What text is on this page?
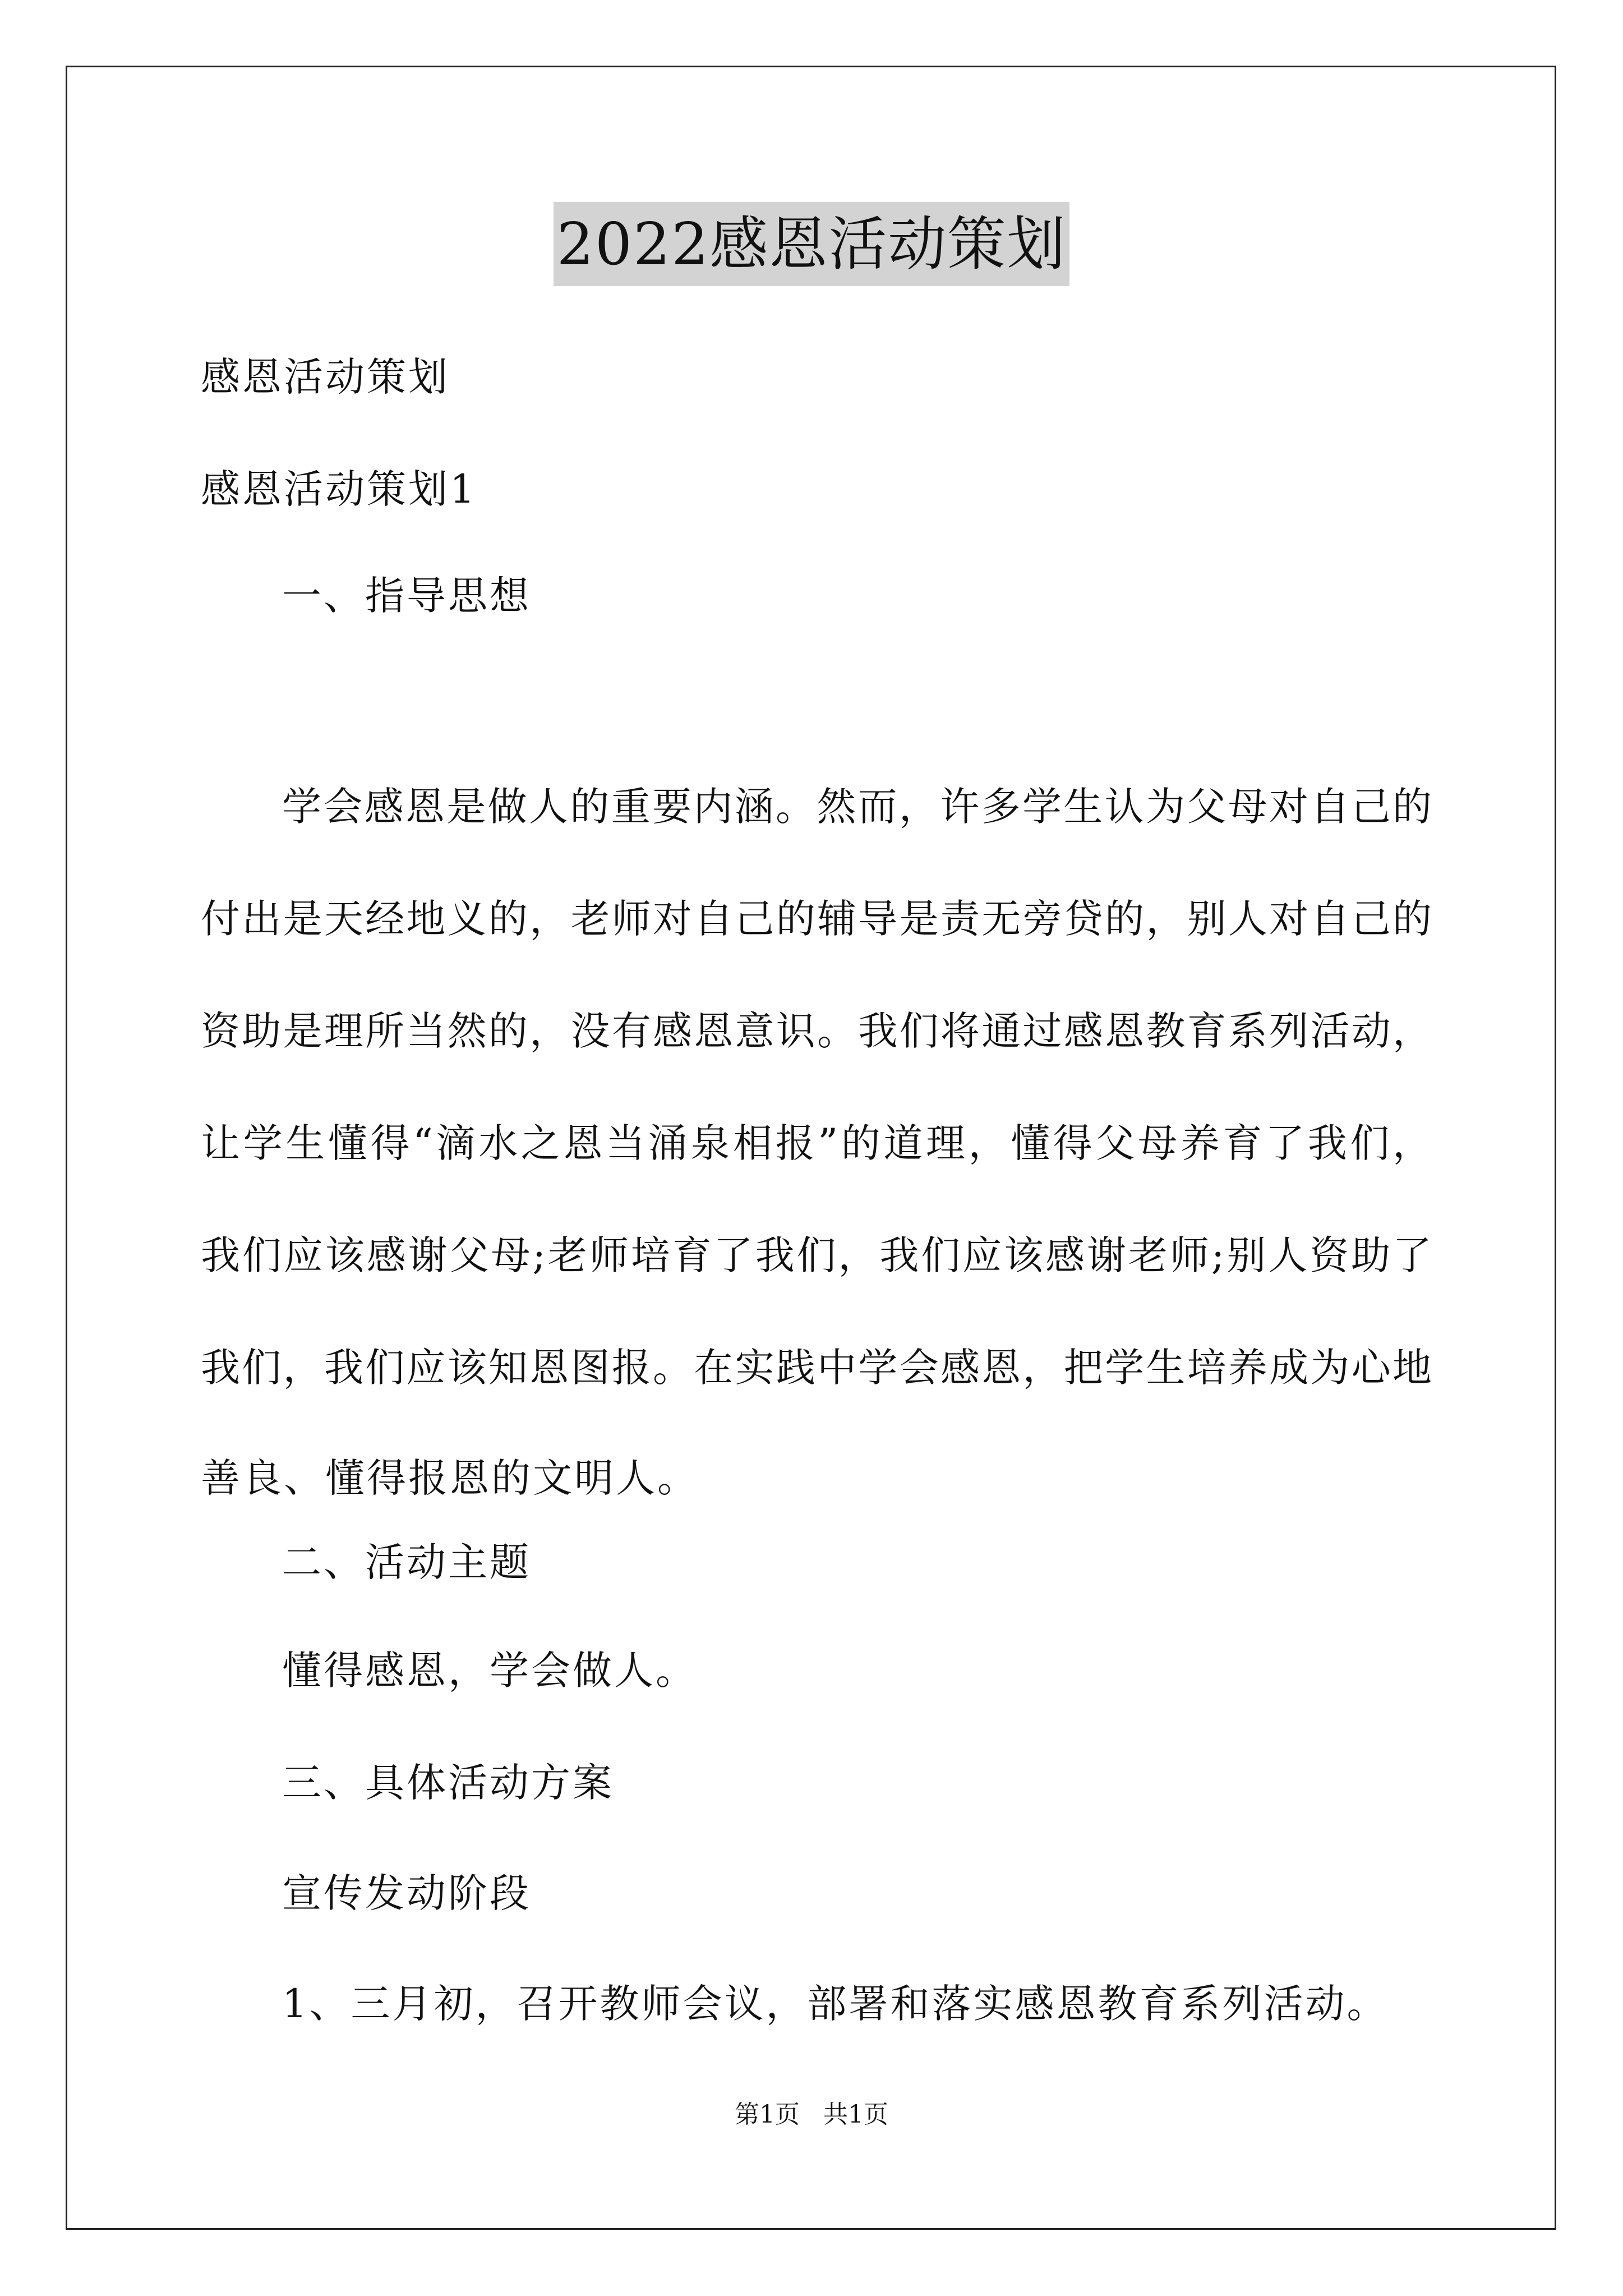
2022感恩活动策划
感恩活动策划
感恩活动策划1
一、指导思想
学会感恩是做人的重要内涵。然而，许多学生认为父母对自己的
付出是天经地义的，老师对自己的辅导是责无旁贷的，别人对自己的
资助是理所当然的，没有感恩意识。我们将通过感恩教育系列活动，
让学生懂得“滴水之恩当涌泉相报”的道理，懂得父母养育了我们，
我们应该感谢父母;老师培育了我们，我们应该感谢老师;别人资助了
我们，我们应该知恩图报。在实践中学会感恩，把学生培养成为心地
善良、懂得报恩的文明人。
二、活动主题
懂得感恩，学会做人。
三、具体活动方案
宣传发动阶段
1、三月初，召开教师会议，部署和落实感恩教育系列活动。
第1页   共1页
